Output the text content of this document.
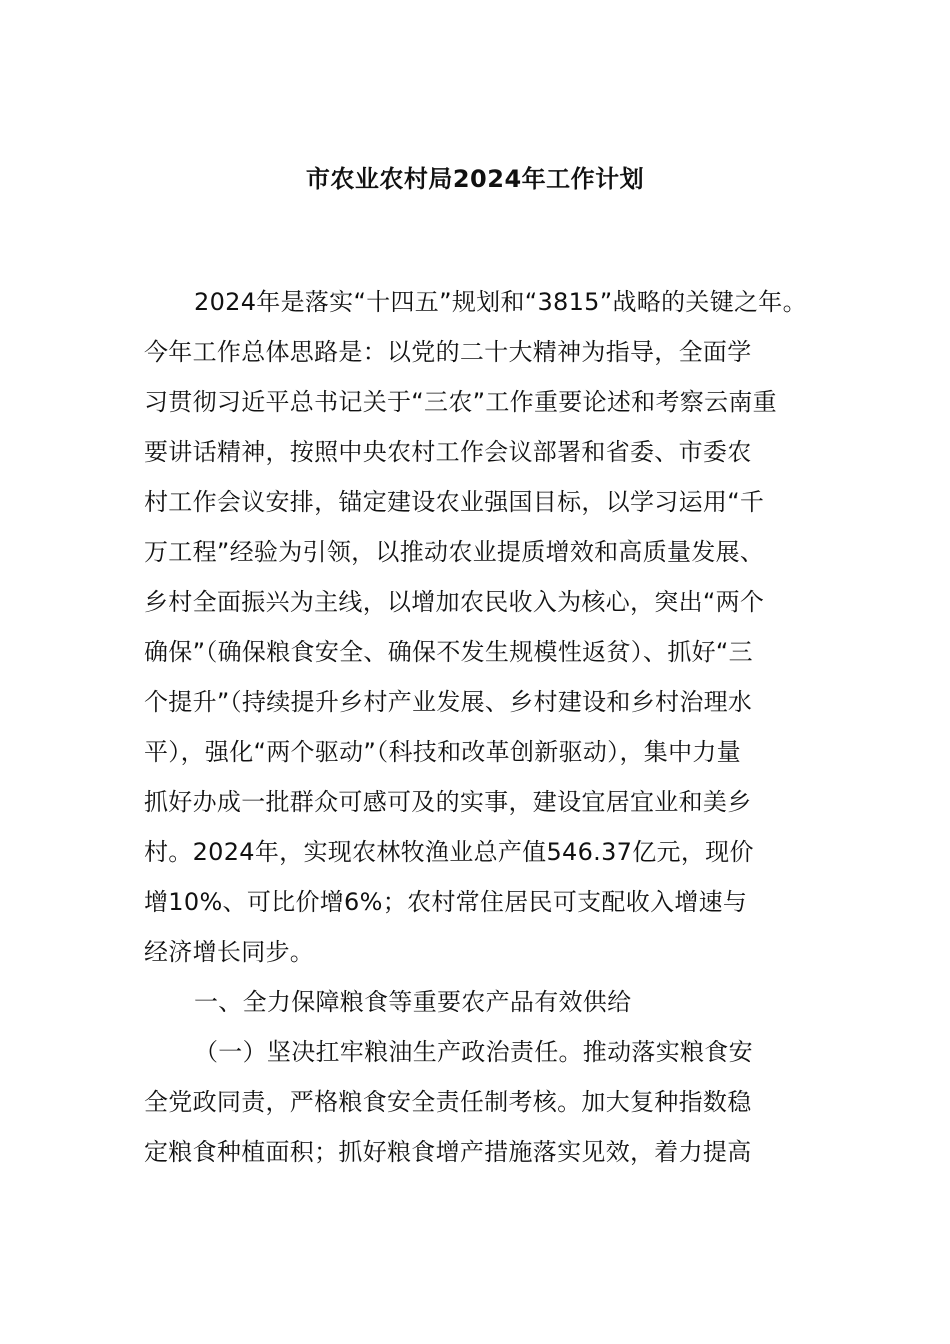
市农业农村局2024年工作计划
2024年是落实“十四五”规划和“3815”战略的关键之年。
今年工作总体思路是：以党的二十大精神为指导，全面学
习贯彻习近平总书记关于“三农”工作重要论述和考察云南重
要讲话精神，按照中央农村工作会议部署和省委、市委农
村工作会议安排，锚定建设农业强国目标，以学习运用“千
万工程”经验为引领，以推动农业提质增效和高质量发展、
乡村全面振兴为主线，以增加农民收入为核心，突出“两个
确保”（确保粮食安全、确保不发生规模性返贫）、抓好“三
个提升”（持续提升乡村产业发展、乡村建设和乡村治理水
平），强化“两个驱动”（科技和改革创新驱动），集中力量
抓好办成一批群众可感可及的实事，建设宜居宜业和美乡
村。2024年，实现农林牧渔业总产值546.37亿元，现价
增10%、可比价增6%；农村常住居民可支配收入增速与
经济增长同步。
一、全力保障粮食等重要农产品有效供给
（一）坚决扛牢粮油生产政治责任。推动落实粮食安
全党政同责，严格粮食安全责任制考核。加大复种指数稳
定粮食种植面积；抓好粮食增产措施落实见效，着力提高
